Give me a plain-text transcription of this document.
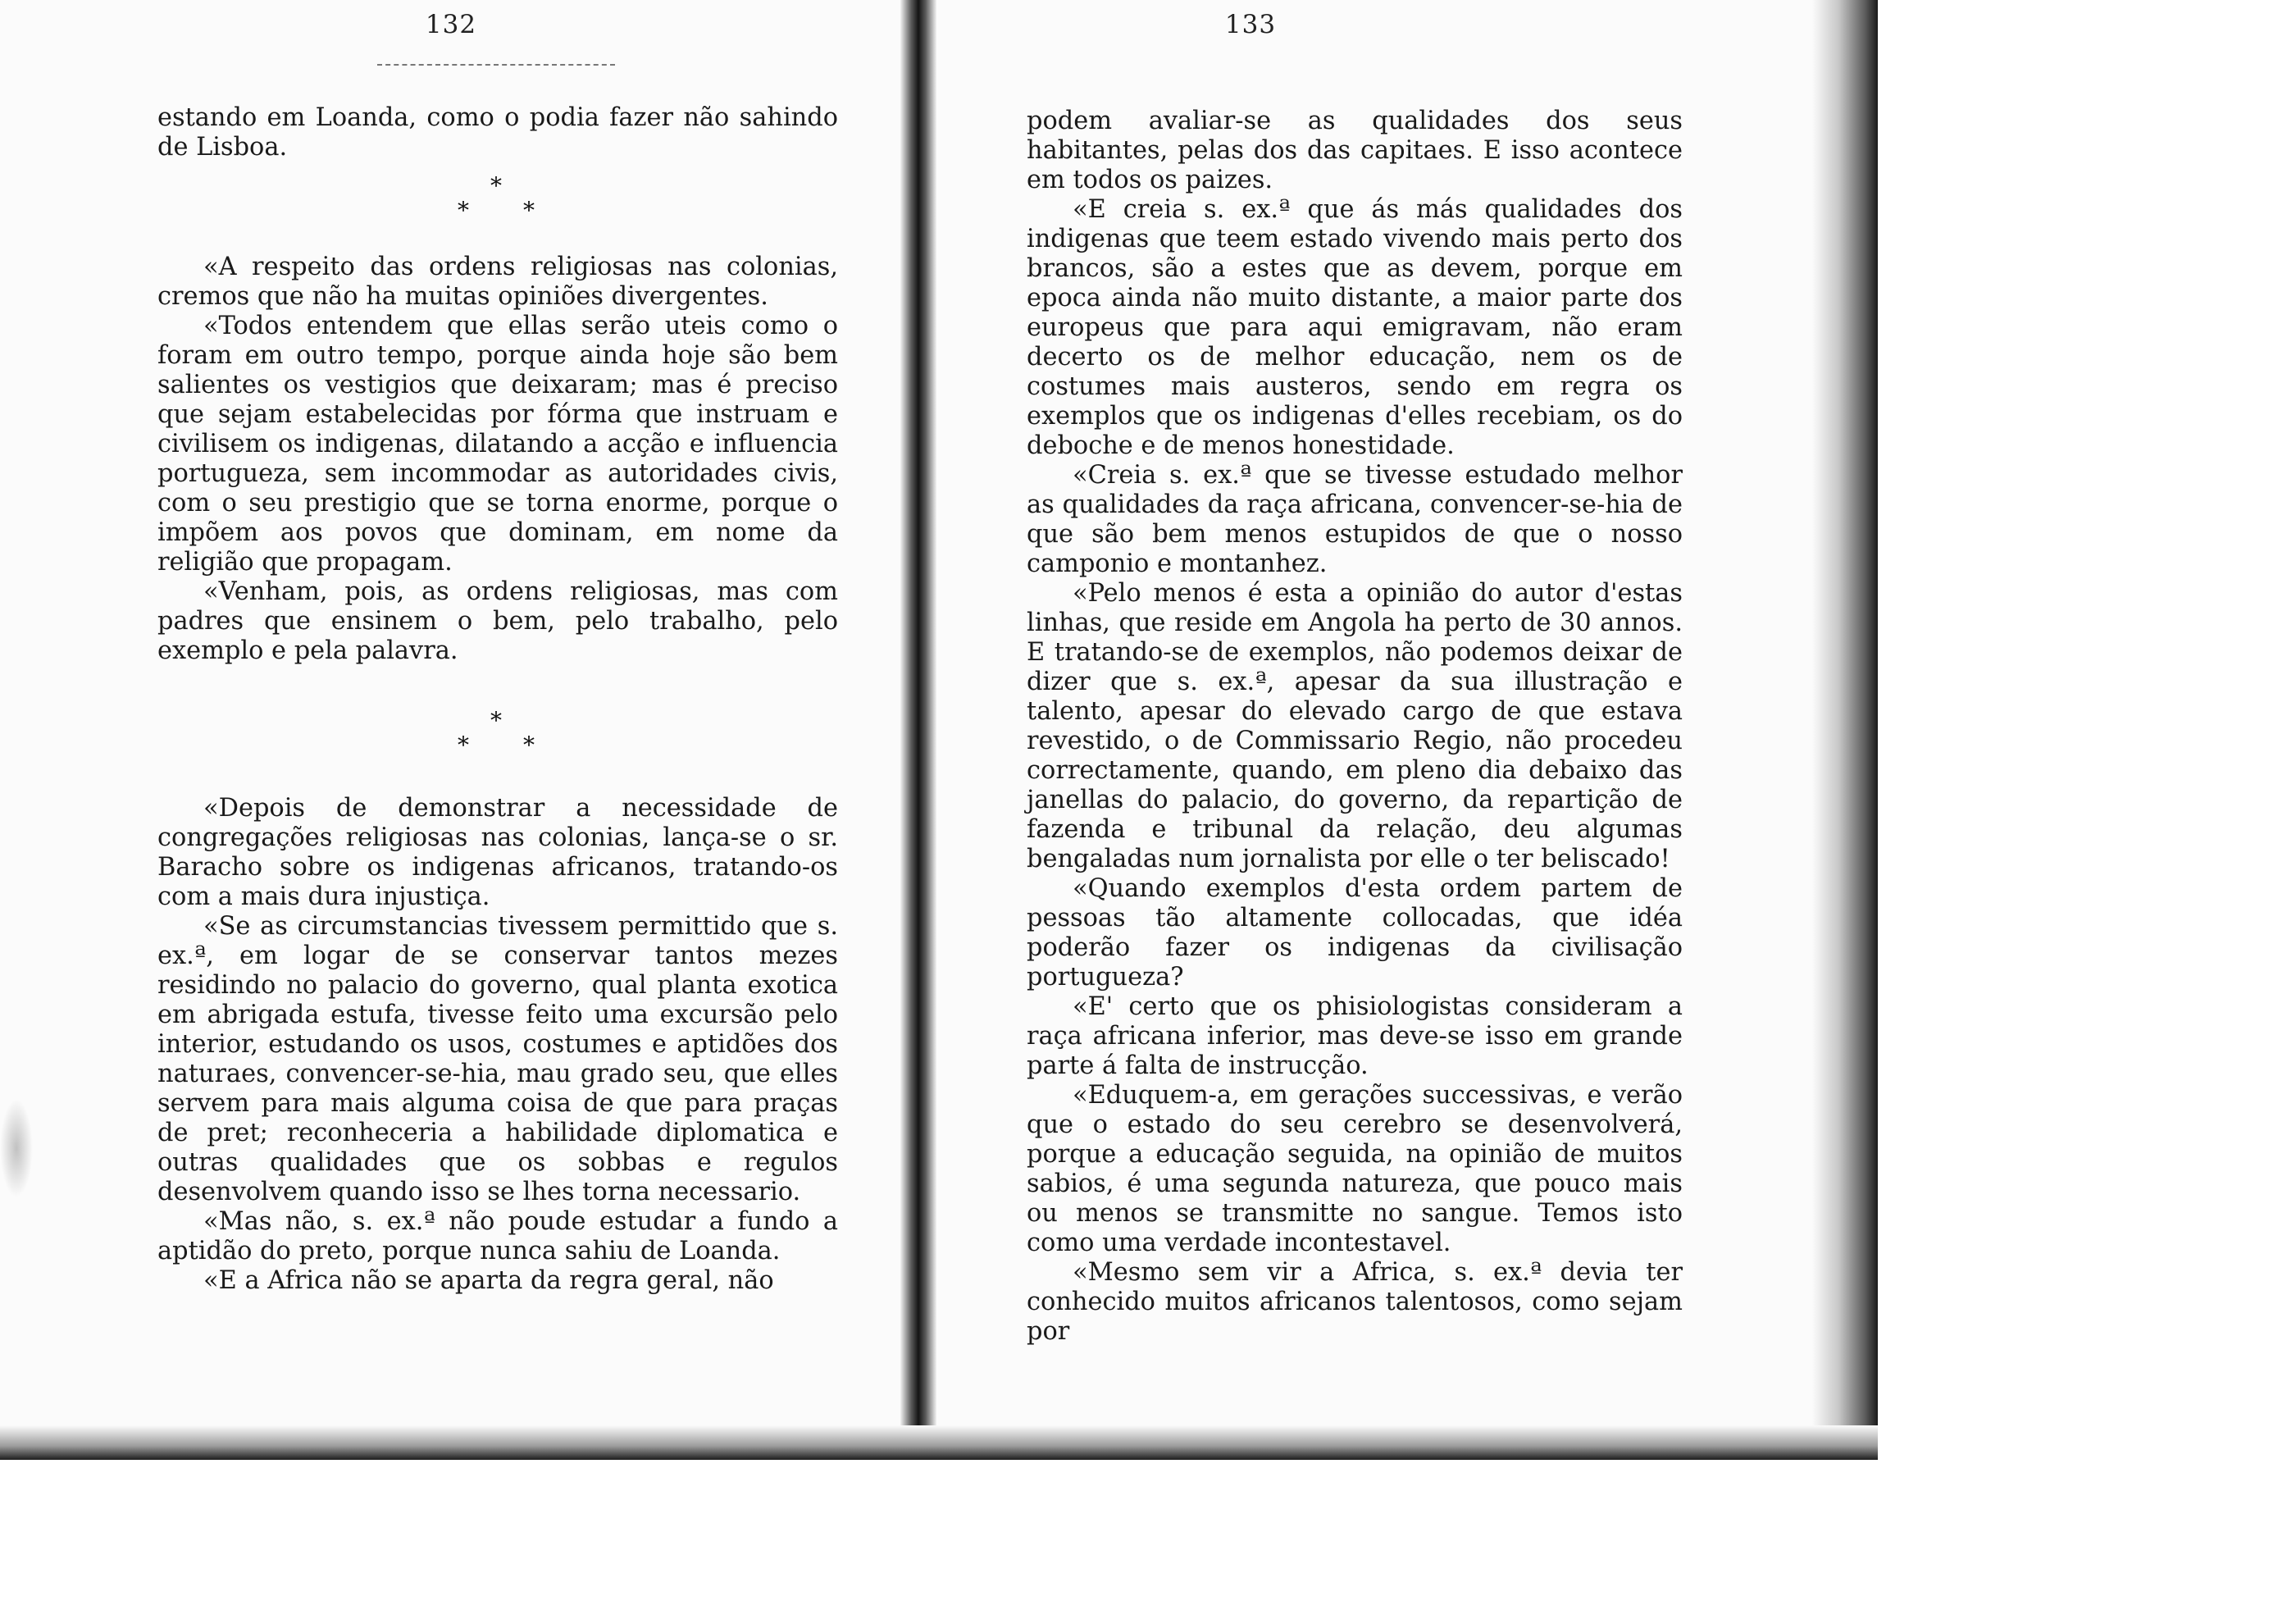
132

estando em Loanda, como o podia fazer não sahindo de Lisboa.

*
* *

«A respeito das ordens religiosas nas colonias, cremos que não ha muitas opiniões divergentes.

«Todos entendem que ellas serão uteis como o foram em outro tempo, porque ainda hoje são bem salientes os vestigios que deixaram; mas é preciso que sejam estabelecidas por fórma que instruam e civilisem os indigenas, dilatando a acção e influencia portugueza, sem incommodar as autoridades civis, com o seu prestigio que se torna enorme, porque o impõem aos povos que dominam, em nome da religião que propagam.

«Venham, pois, as ordens religiosas, mas com padres que ensinem o bem, pelo trabalho, pelo exemplo e pela palavra.

*
* *

«Depois de demonstrar a necessidade de congregações religiosas nas colonias, lança-se o sr. Baracho sobre os indigenas africanos, tratando-os com a mais dura injustiça.

«Se as circumstancias tivessem permittido que s. ex.ª, em logar de se conservar tantos mezes residindo no palacio do governo, qual planta exotica em abrigada estufa, tivesse feito uma excursão pelo interior, estudando os usos, costumes e aptidões dos naturaes, convencer-se-hia, mau grado seu, que elles servem para mais alguma coisa de que para praças de pret; reconheceria a habilidade diplomatica e outras qualidades que os sobbas e regulos desenvolvem quando isso se lhes torna necessario.

«Mas não, s. ex.ª não poude estudar a fundo a aptidão do preto, porque nunca sahiu de Loanda.

«E a Africa não se aparta da regra geral, não

133

podem avaliar-se as qualidades dos seus habitantes, pelas dos das capitaes. E isso acontece em todos os paizes.

«E creia s. ex.ª que ás más qualidades dos indigenas que teem estado vivendo mais perto dos brancos, são a estes que as devem, porque em epoca ainda não muito distante, a maior parte dos europeus que para aqui emigravam, não eram decerto os de melhor educação, nem os de costumes mais austeros, sendo em regra os exemplos que os indigenas d'elles recebiam, os do deboche e de menos honestidade.

«Creia s. ex.ª que se tivesse estudado melhor as qualidades da raça africana, convencer-se-hia de que são bem menos estupidos de que o nosso camponio e montanhez.

«Pelo menos é esta a opinião do autor d'estas linhas, que reside em Angola ha perto de 30 annos. E tratando-se de exemplos, não podemos deixar de dizer que s. ex.ª, apesar da sua illustração e talento, apesar do elevado cargo de que estava revestido, o de Commissario Regio, não procedeu correctamente, quando, em pleno dia debaixo das janellas do palacio, do governo, da repartição de fazenda e tribunal da relação, deu algumas bengaladas num jornalista por elle o ter beliscado!

«Quando exemplos d'esta ordem partem de pessoas tão altamente collocadas, que idéa poderão fazer os indigenas da civilisação portugueza?

«E' certo que os phisiologistas consideram a raça africana inferior, mas deve-se isso em grande parte á falta de instrucção.

«Eduquem-a, em gerações successivas, e verão que o estado do seu cerebro se desenvolverá, porque a educação seguida, na opinião de muitos sabios, é uma segunda natureza, que pouco mais ou menos se transmitte no sangue. Temos isto como uma verdade incontestavel.

«Mesmo sem vir a Africa, s. ex.ª devia ter conhecido muitos africanos talentosos, como sejam por
